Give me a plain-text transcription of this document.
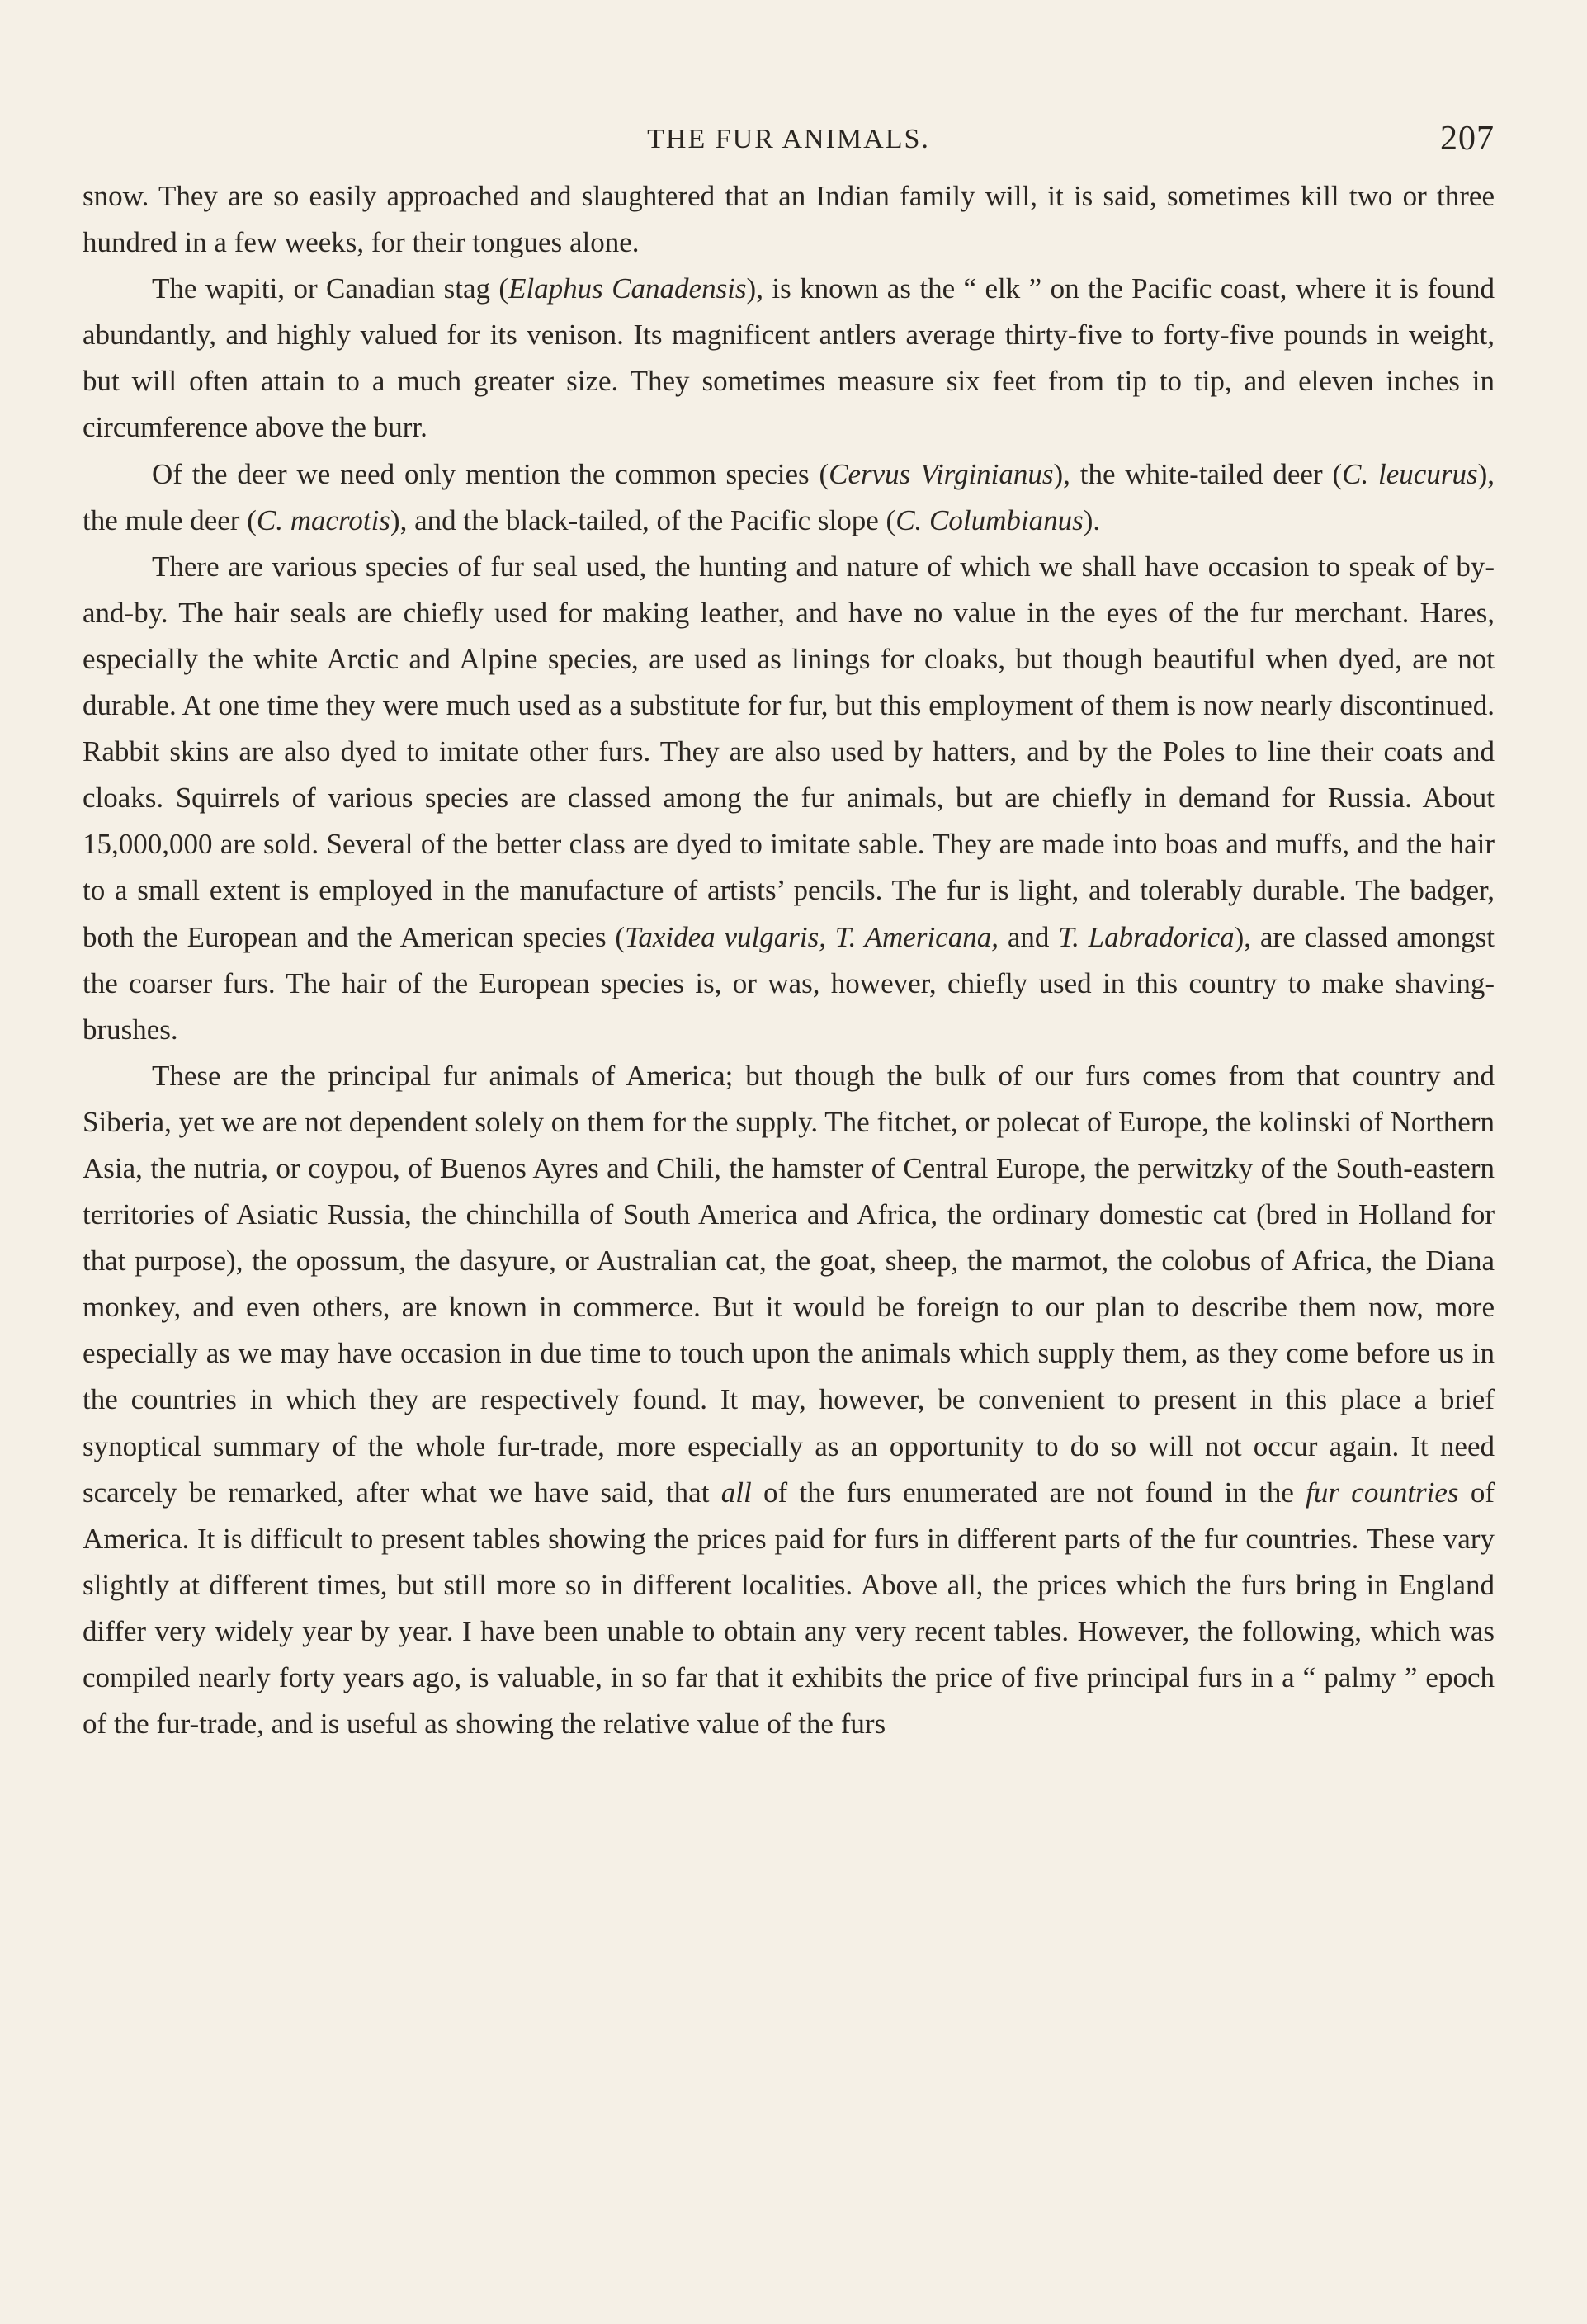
THE FUR ANIMALS.	207

snow. They are so easily approached and slaughtered that an Indian family will, it is said, sometimes kill two or three hundred in a few weeks, for their tongues alone.

The wapiti, or Canadian stag (Elaphus Canadensis), is known as the “ elk ” on the Pacific coast, where it is found abundantly, and highly valued for its venison. Its magnificent antlers average thirty-five to forty-five pounds in weight, but will often attain to a much greater size. They sometimes measure six feet from tip to tip, and eleven inches in circumference above the burr.

Of the deer we need only mention the common species (Cervus Virginianus), the white-tailed deer (C. leucurus), the mule deer (C. macrotis), and the black-tailed, of the Pacific slope (C. Columbianus).

There are various species of fur seal used, the hunting and nature of which we shall have occasion to speak of by-and-by. The hair seals are chiefly used for making leather, and have no value in the eyes of the fur merchant. Hares, especially the white Arctic and Alpine species, are used as linings for cloaks, but though beautiful when dyed, are not durable. At one time they were much used as a substitute for fur, but this employment of them is now nearly discontinued. Rabbit skins are also dyed to imitate other furs. They are also used by hatters, and by the Poles to line their coats and cloaks. Squirrels of various species are classed among the fur animals, but are chiefly in demand for Russia. About 15,000,000 are sold. Several of the better class are dyed to imitate sable. They are made into boas and muffs, and the hair to a small extent is employed in the manufacture of artists’ pencils. The fur is light, and tolerably durable. The badger, both the European and the American species (Taxidea vulgaris, T. Americana, and T. Labradorica), are classed amongst the coarser furs. The hair of the European species is, or was, however, chiefly used in this country to make shaving-brushes.

These are the principal fur animals of America; but though the bulk of our furs comes from that country and Siberia, yet we are not dependent solely on them for the supply. The fitchet, or polecat of Europe, the kolinski of Northern Asia, the nutria, or coypou, of Buenos Ayres and Chili, the hamster of Central Europe, the perwitzky of the South-eastern territories of Asiatic Russia, the chinchilla of South America and Africa, the ordinary domestic cat (bred in Holland for that purpose), the opossum, the dasyure, or Australian cat, the goat, sheep, the marmot, the colobus of Africa, the Diana monkey, and even others, are known in commerce. But it would be foreign to our plan to describe them now, more especially as we may have occasion in due time to touch upon the animals which supply them, as they come before us in the countries in which they are respectively found. It may, however, be convenient to present in this place a brief synoptical summary of the whole fur-trade, more especially as an opportunity to do so will not occur again. It need scarcely be remarked, after what we have said, that all of the furs enumerated are not found in the fur countries of America. It is difficult to present tables showing the prices paid for furs in different parts of the fur countries. These vary slightly at different times, but still more so in different localities. Above all, the prices which the furs bring in England differ very widely year by year. I have been unable to obtain any very recent tables. However, the following, which was compiled nearly forty years ago, is valuable, in so far that it exhibits the price of five principal furs in a “ palmy ” epoch of the fur-trade, and is useful as showing the relative value of the furs
